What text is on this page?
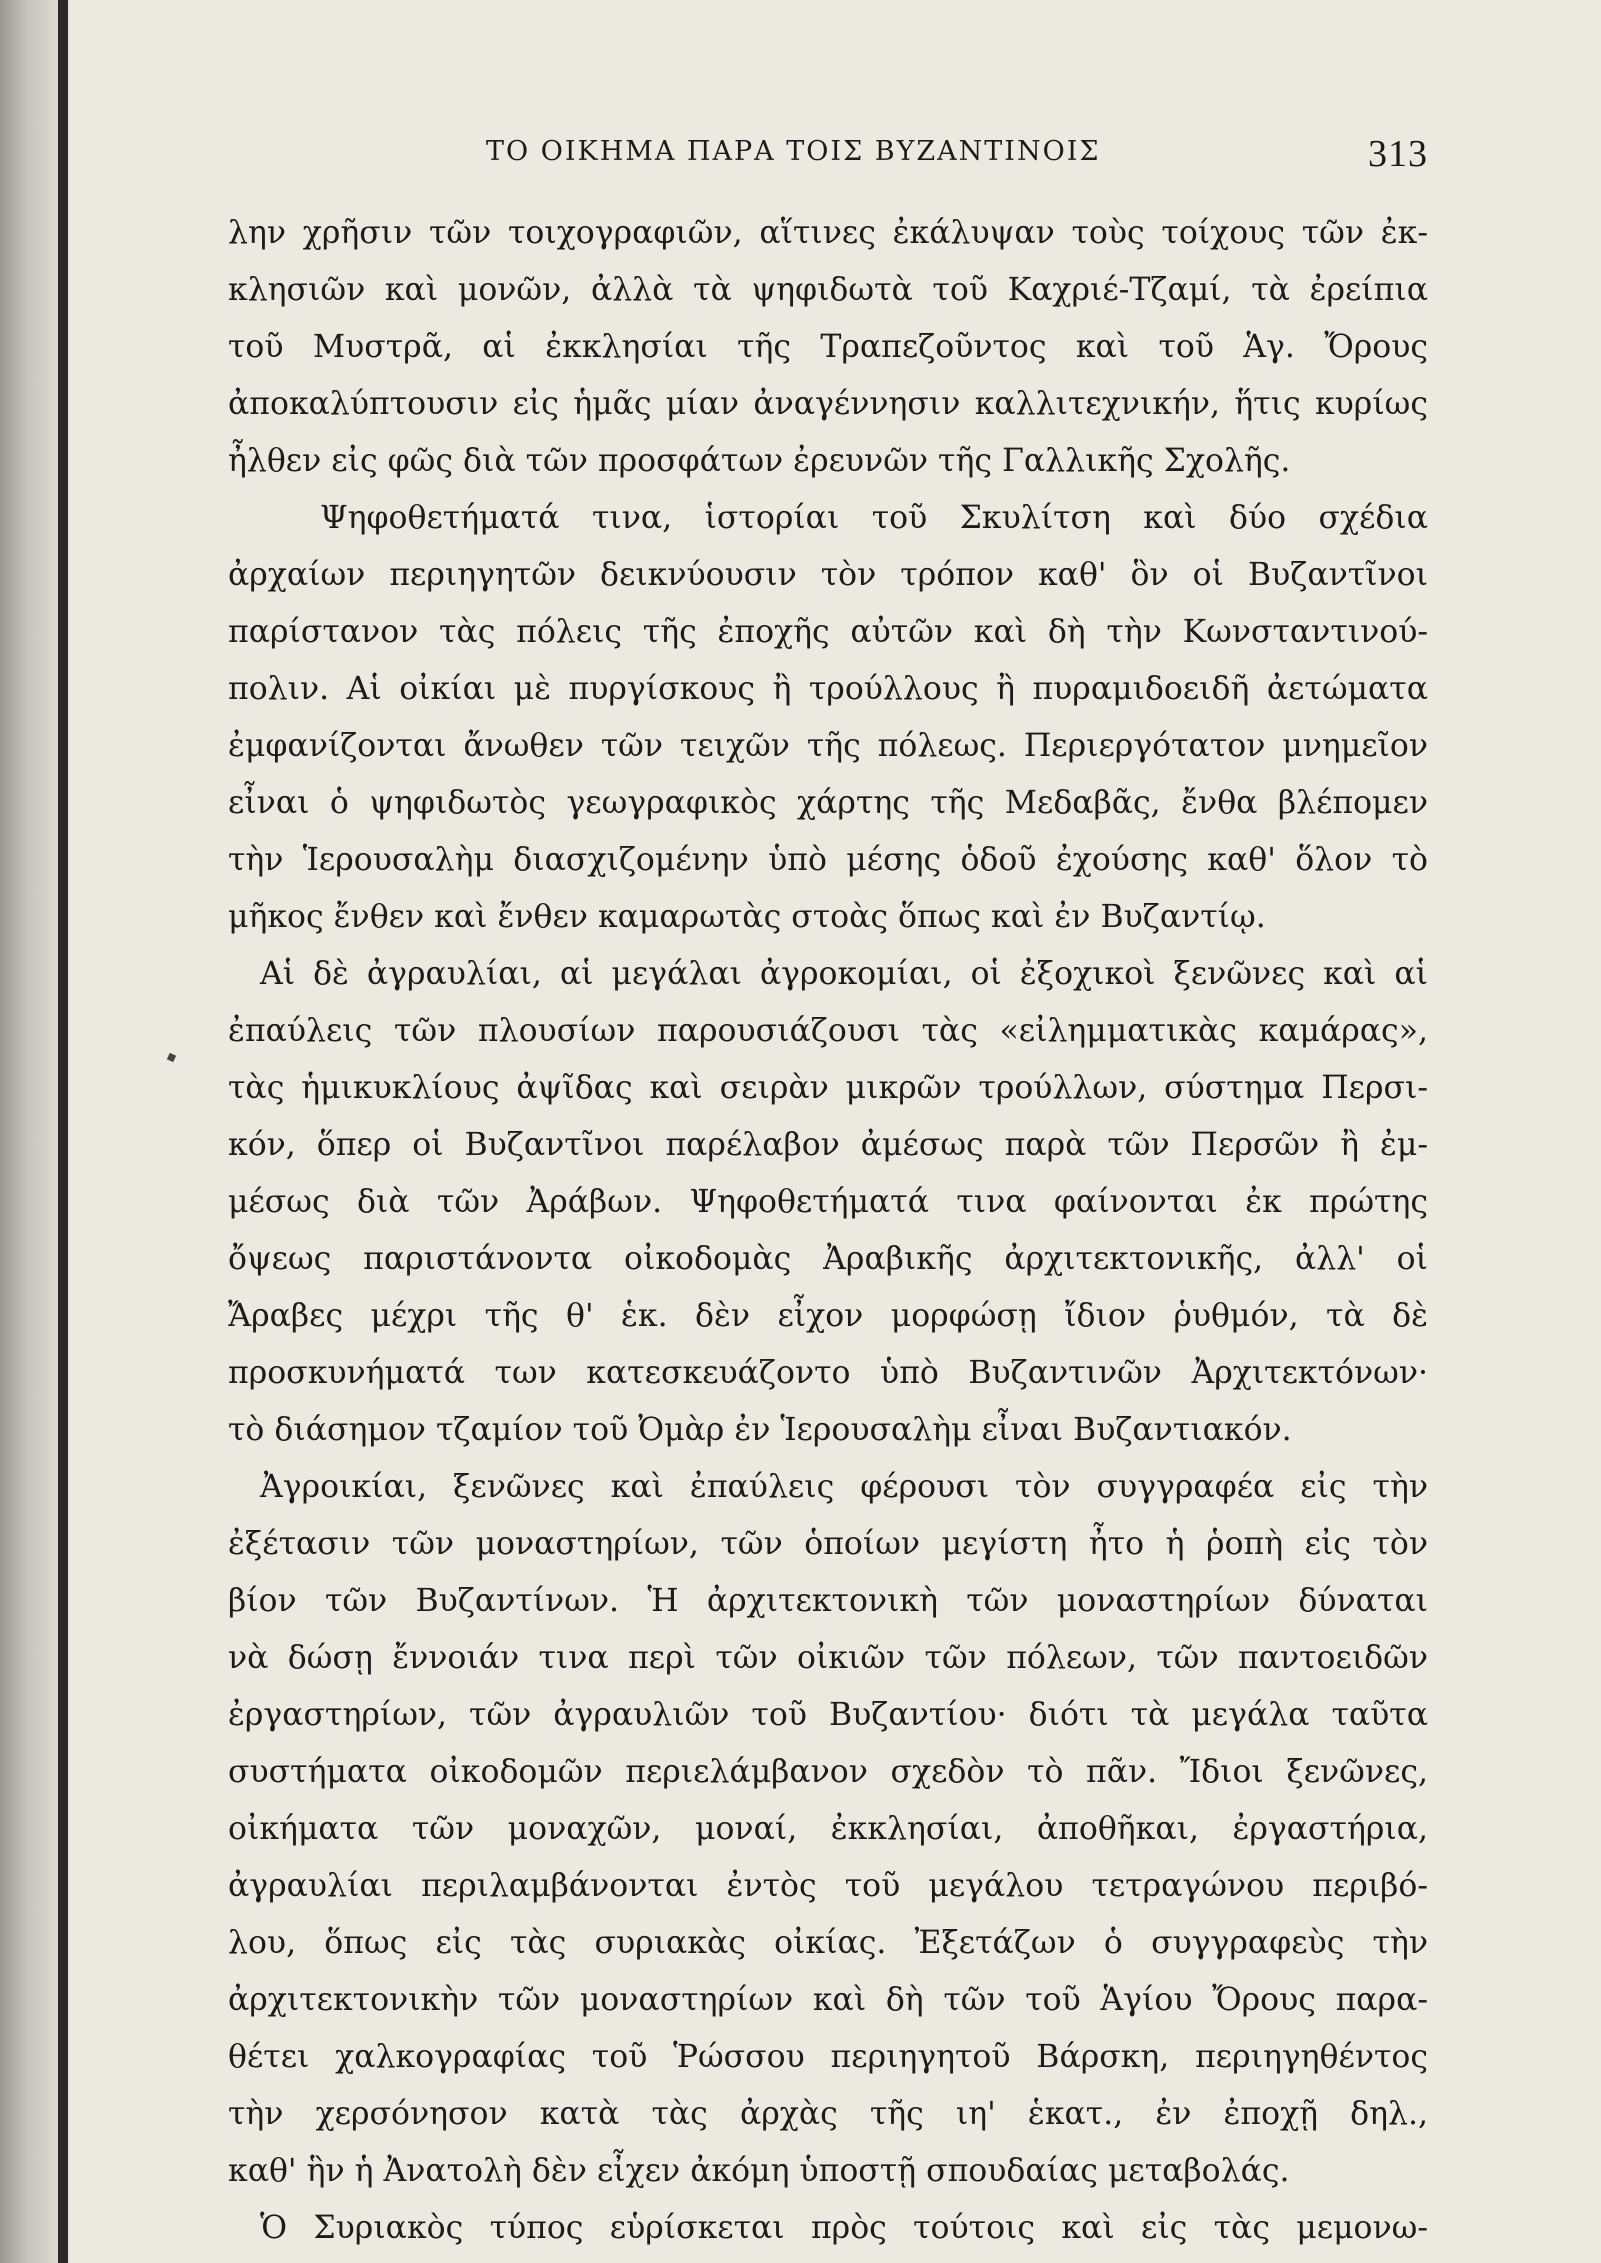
ΤΟ ΟΙΚΗΜΑ ΠΑΡΑ ΤΟΙΣ ΒΥΖΑΝΤΙΝΟΙΣ	313
λην χρῆσιν τῶν τοιχογραφιῶν, αἵτινες ἐκάλυψαν τοὺς τοίχους τῶν ἐκ-
κλησιῶν καὶ μονῶν, ἀλλὰ τὰ ψηφιδωτὰ τοῦ Καχριέ-Τζαμί, τὰ ἐρείπια
τοῦ Μυστρᾶ, αἱ ἐκκλησίαι τῆς Τραπεζοῦντος καὶ τοῦ Ἁγ. Ὄρους
ἀποκαλύπτουσιν εἰς ἡμᾶς μίαν ἀναγέννησιν καλλιτεχνικήν, ἥτις κυρίως
ἦλθεν εἰς φῶς διὰ τῶν προσφάτων ἐρευνῶν τῆς Γαλλικῆς Σχολῆς.
Ψηφοθετήματά τινα, ἱστορίαι τοῦ Σκυλίτση καὶ δύο σχέδια
ἀρχαίων περιηγητῶν δεικνύουσιν τὸν τρόπον καθ' ὃν οἱ Βυζαντῖνοι
παρίστανον τὰς πόλεις τῆς ἐποχῆς αὐτῶν καὶ δὴ τὴν Κωνσταντινού-
πολιν. Αἱ οἰκίαι μὲ πυργίσκους ἢ τρούλλους ἢ πυραμιδοειδῆ ἀετώματα
ἐμφανίζονται ἄνωθεν τῶν τειχῶν τῆς πόλεως. Περιεργότατον μνημεῖον
εἶναι ὁ ψηφιδωτὸς γεωγραφικὸς χάρτης τῆς Μεδαβᾶς, ἔνθα βλέπομεν
τὴν Ἱερουσαλὴμ διασχιζομένην ὑπὸ μέσης ὁδοῦ ἐχούσης καθ' ὅλον τὸ
μῆκος ἔνθεν καὶ ἔνθεν καμαρωτὰς στοὰς ὅπως καὶ ἐν Βυζαντίῳ.
Αἱ δὲ ἀγραυλίαι, αἱ μεγάλαι ἀγροκομίαι, οἱ ἐξοχικοὶ ξενῶνες καὶ αἱ
ἐπαύλεις τῶν πλουσίων παρουσιάζουσι τὰς «εἰλημματικὰς καμάρας»,
τὰς ἡμικυκλίους ἀψῖδας καὶ σειρὰν μικρῶν τρούλλων, σύστημα Περσι-
κόν, ὅπερ οἱ Βυζαντῖνοι παρέλαβον ἀμέσως παρὰ τῶν Περσῶν ἢ ἐμ-
μέσως διὰ τῶν Ἀράβων. Ψηφοθετήματά τινα φαίνονται ἐκ πρώτης
ὄψεως παριστάνοντα οἰκοδομὰς Ἀραβικῆς ἀρχιτεκτονικῆς, ἀλλ' οἱ
Ἄραβες μέχρι τῆς θ' ἑκ. δὲν εἶχον μορφώσῃ ἴδιον ῥυθμόν, τὰ δὲ
προσκυνήματά των κατεσκευάζοντο ὑπὸ Βυζαντινῶν Ἀρχιτεκτόνων·
τὸ διάσημον τζαμίον τοῦ Ὀμὰρ ἐν Ἱερουσαλὴμ εἶναι Βυζαντιακόν.
Ἀγροικίαι, ξενῶνες καὶ ἐπαύλεις φέρουσι τὸν συγγραφέα εἰς τὴν
ἐξέτασιν τῶν μοναστηρίων, τῶν ὁποίων μεγίστη ἦτο ἡ ῥοπὴ εἰς τὸν
βίον τῶν Βυζαντίνων. Ἡ ἀρχιτεκτονικὴ τῶν μοναστηρίων δύναται
νὰ δώσῃ ἔννοιάν τινα περὶ τῶν οἰκιῶν τῶν πόλεων, τῶν παντοειδῶν
ἐργαστηρίων, τῶν ἀγραυλιῶν τοῦ Βυζαντίου· διότι τὰ μεγάλα ταῦτα
συστήματα οἰκοδομῶν περιελάμβανον σχεδὸν τὸ πᾶν. Ἴδιοι ξενῶνες,
οἰκήματα τῶν μοναχῶν, μοναί, ἐκκλησίαι, ἀποθῆκαι, ἐργαστήρια,
ἀγραυλίαι περιλαμβάνονται ἐντὸς τοῦ μεγάλου τετραγώνου περιβό-
λου, ὅπως εἰς τὰς συριακὰς οἰκίας. Ἐξετάζων ὁ συγγραφεὺς τὴν
ἀρχιτεκτονικὴν τῶν μοναστηρίων καὶ δὴ τῶν τοῦ Ἁγίου Ὄρους παρα-
θέτει χαλκογραφίας τοῦ Ῥώσσου περιηγητοῦ Βάρσκη, περιηγηθέντος
τὴν χερσόνησον κατὰ τὰς ἀρχὰς τῆς ιη' ἑκατ., ἐν ἐποχῇ δηλ.,
καθ' ἣν ἡ Ἀνατολὴ δὲν εἶχεν ἀκόμη ὑποστῇ σπουδαίας μεταβολάς.
Ὁ Συριακὸς τύπος εὑρίσκεται πρὸς τούτοις καὶ εἰς τὰς μεμονω-
